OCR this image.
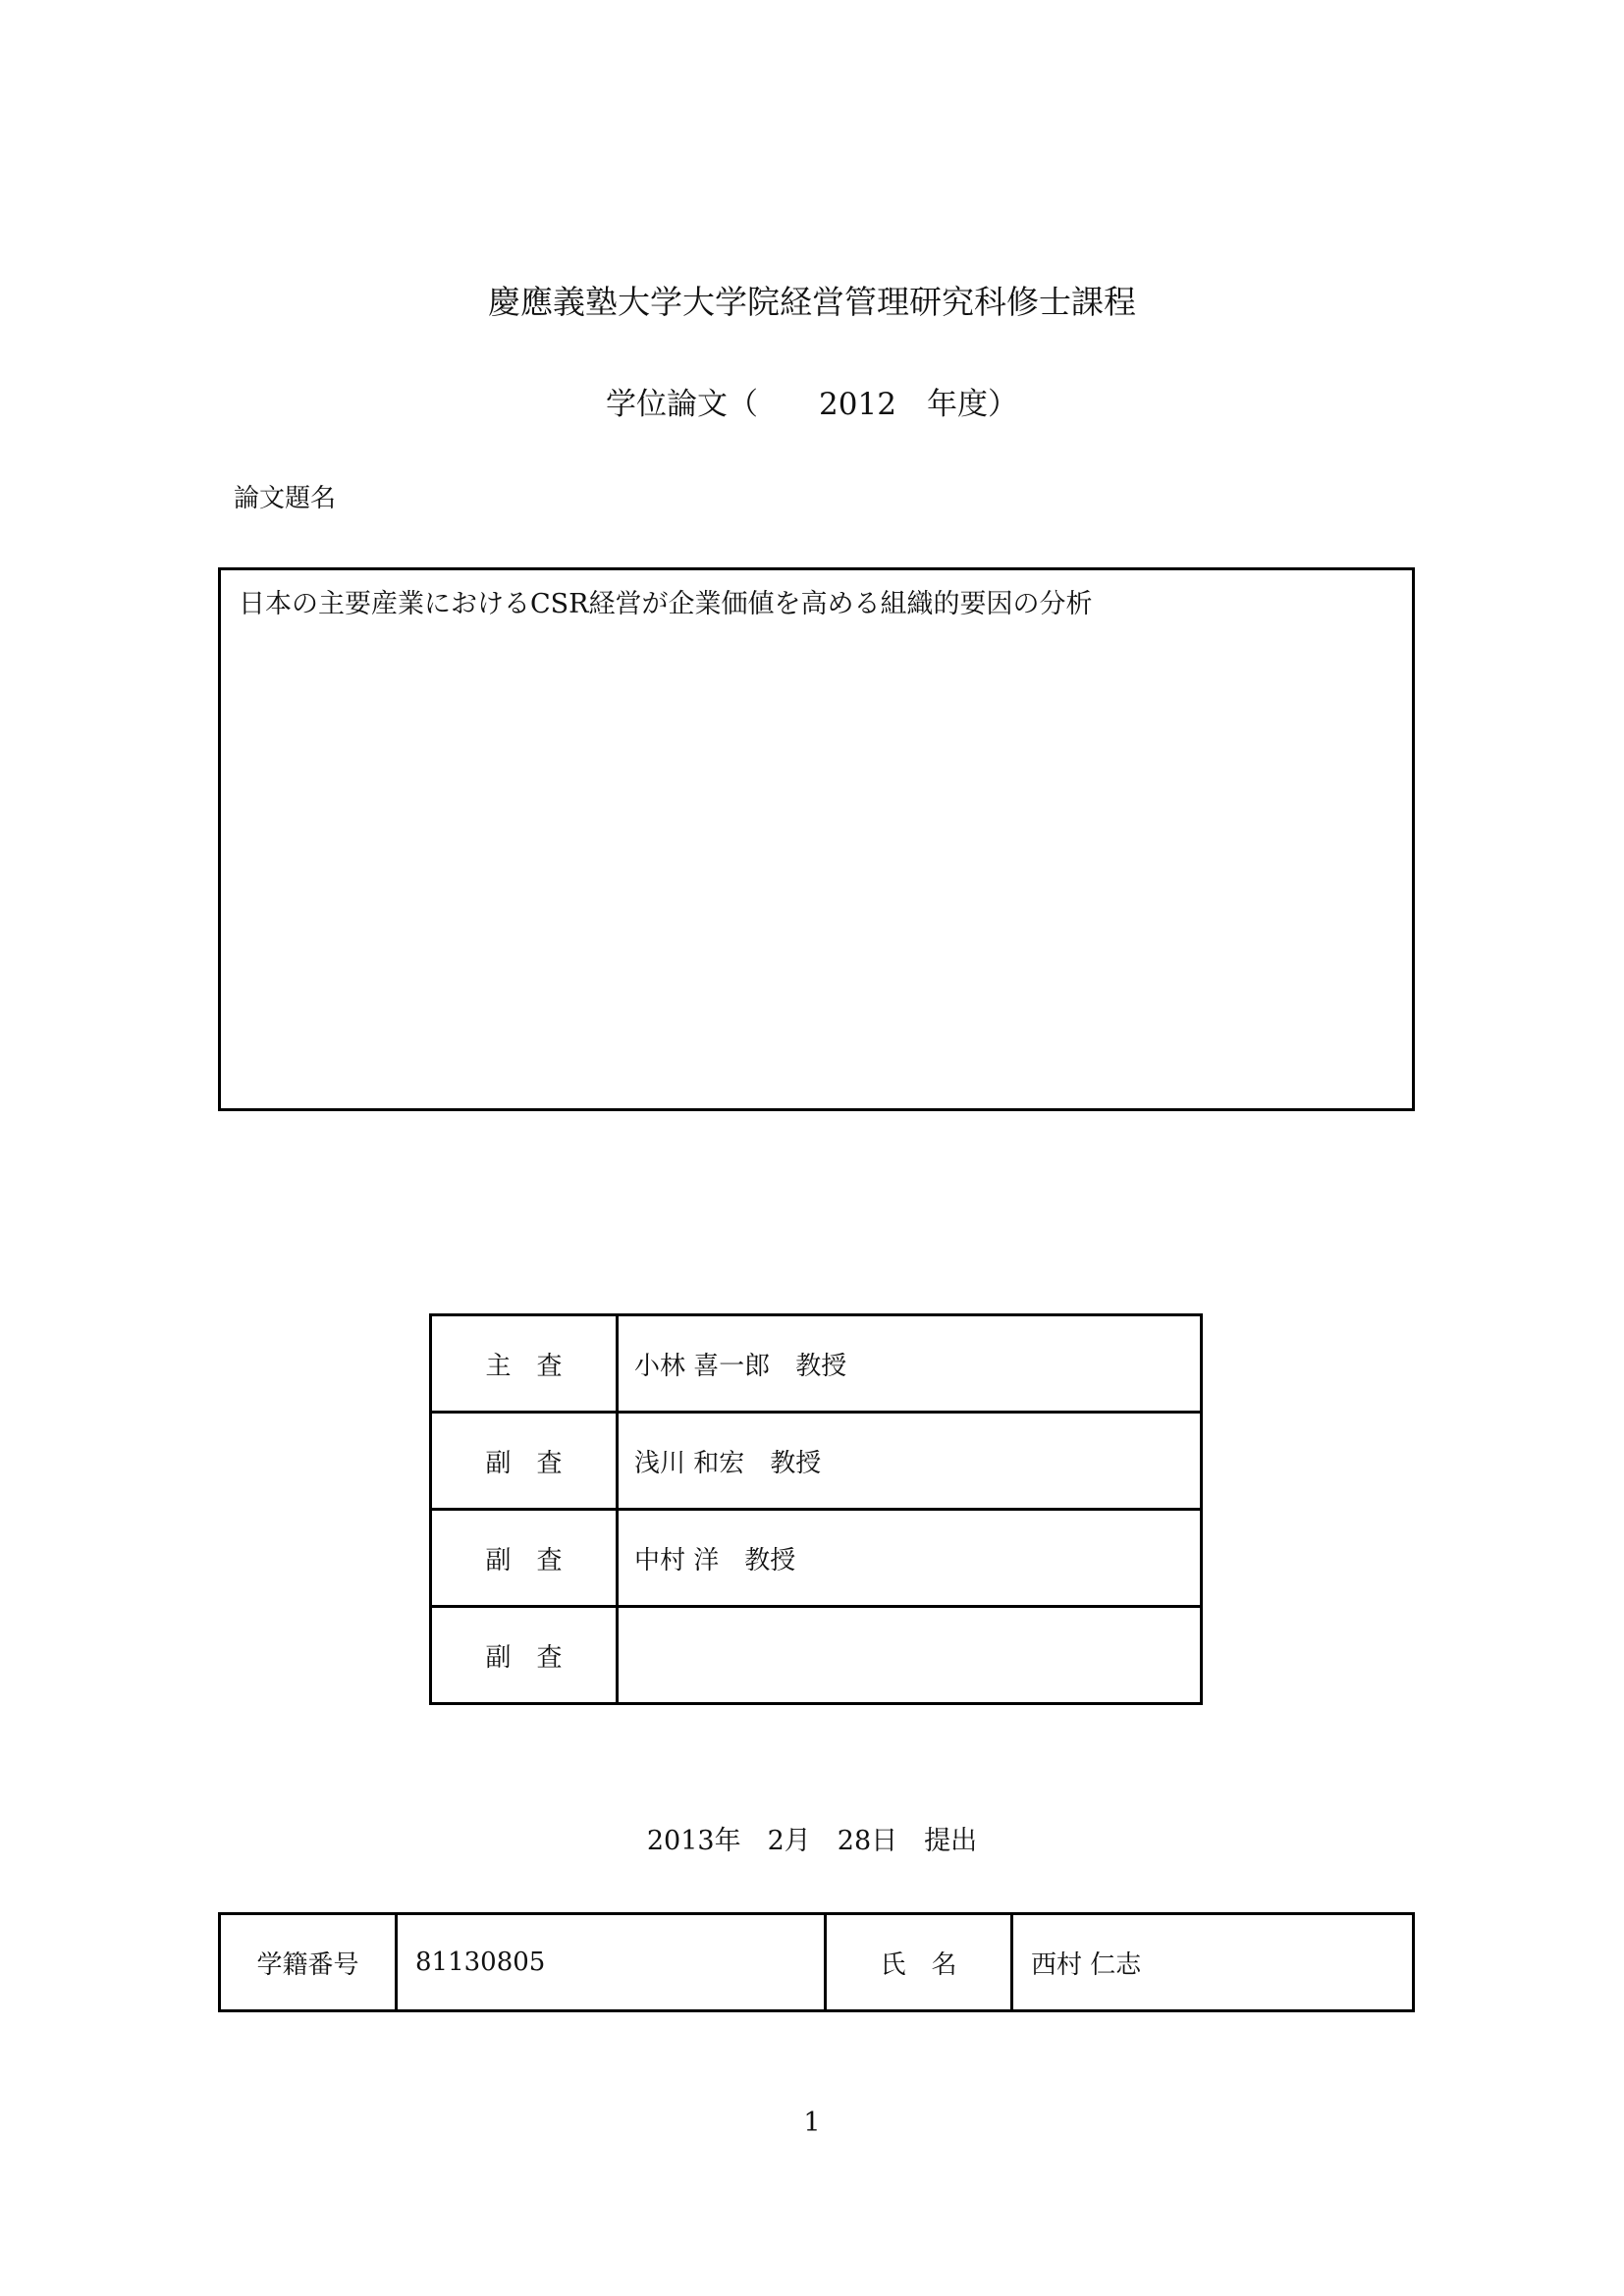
慶應義塾大学大学院経営管理研究科修士課程
学位論文（　　2012　年度）
論文題名
日本の主要産業におけるCSR経営が企業価値を高める組織的要因の分析
主　査	小林 喜一郎　教授
副　査	浅川 和宏　教授
副　査	中村 洋　教授
副　査	
2013年　2月　28日　提出
学籍番号	81130805	氏　名	西村 仁志
1
